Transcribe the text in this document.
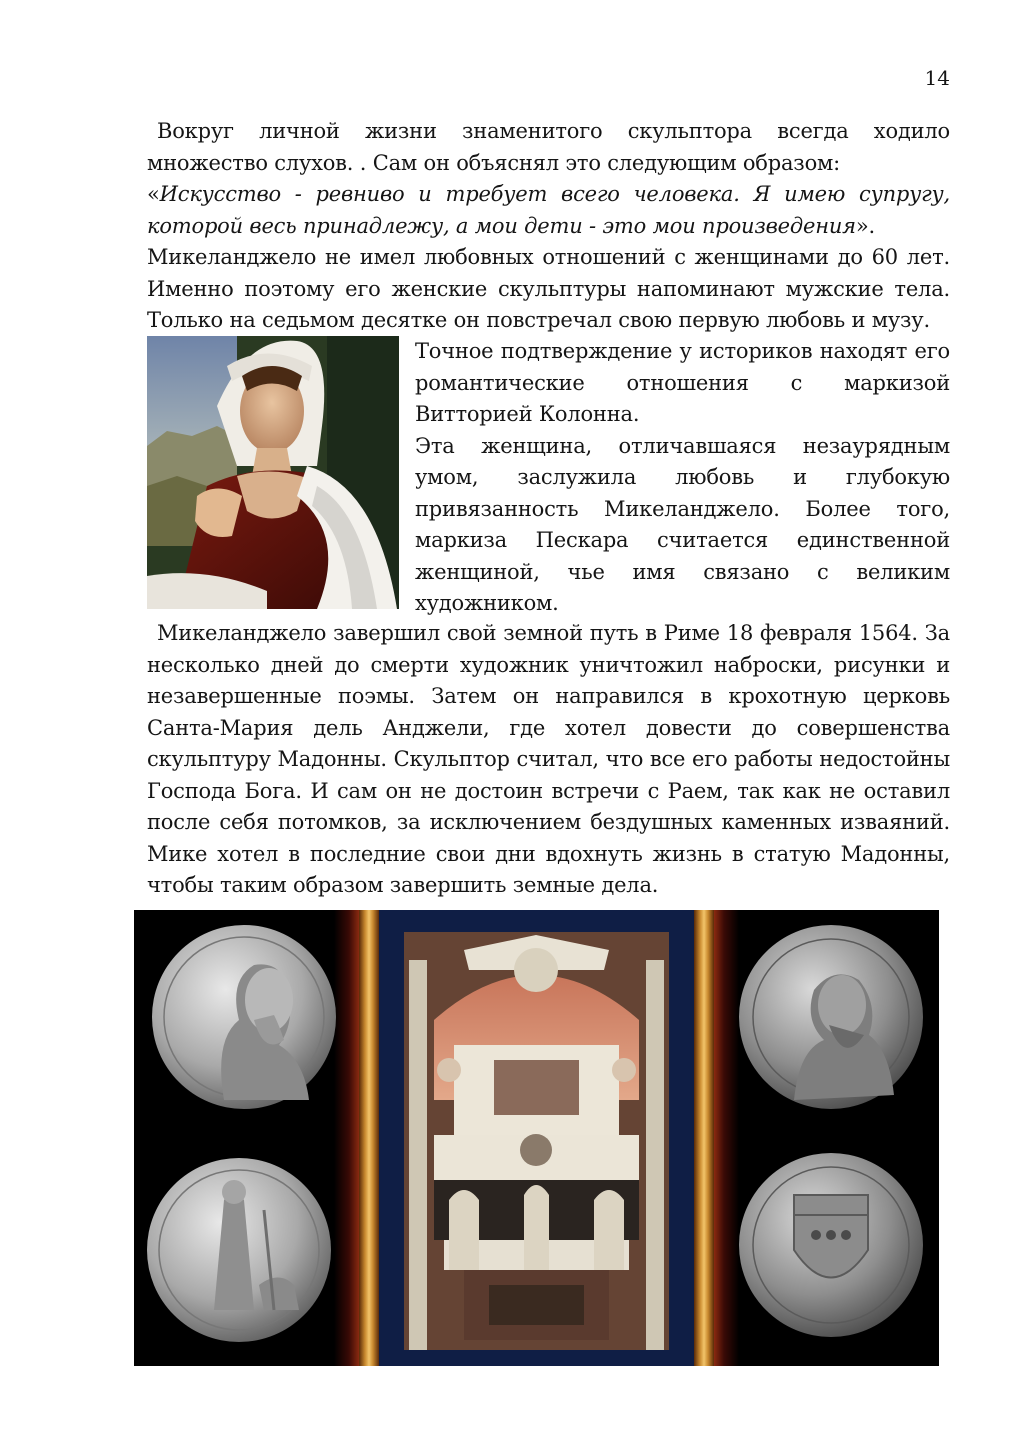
14

Вокруг личной жизни знаменитого скульптора всегда ходило множество слухов. . Сам он объяснял это следующим образом:

«Искусство - ревниво и требует всего человека. Я имею супругу, которой весь принадлежу, а мои дети - это мои произведения».

Микеланджело не имел любовных отношений с женщинами до 60 лет. Именно поэтому его женские скульптуры напоминают мужские тела. Только на седьмом десятке он повстречал свою первую любовь и музу.

Точное подтверждение у историков находят его романтические отношения с маркизой Витторией Колонна.

Эта женщина, отличавшаяся незаурядным умом, заслужила любовь и глубокую привязанность Микеланджело. Более того, маркиза Пескара считается единственной женщиной, чье имя связано с великим художником.

Микеланджело завершил свой земной путь в Риме 18 февраля 1564. За несколько дней до смерти художник уничтожил наброски, рисунки и незавершенные поэмы. Затем он направился в крохотную церковь Санта-Мария дель Анджели, где хотел довести до совершенства скульптуру Мадонны. Скульптор считал, что все его работы недостойны Господа Бога. И сам он не достоин встречи с Раем, так как не оставил после себя потомков, за исключением бездушных каменных изваяний. Мике хотел в последние свои дни вдохнуть жизнь в статую Мадонны, чтобы таким образом завершить земные дела.
